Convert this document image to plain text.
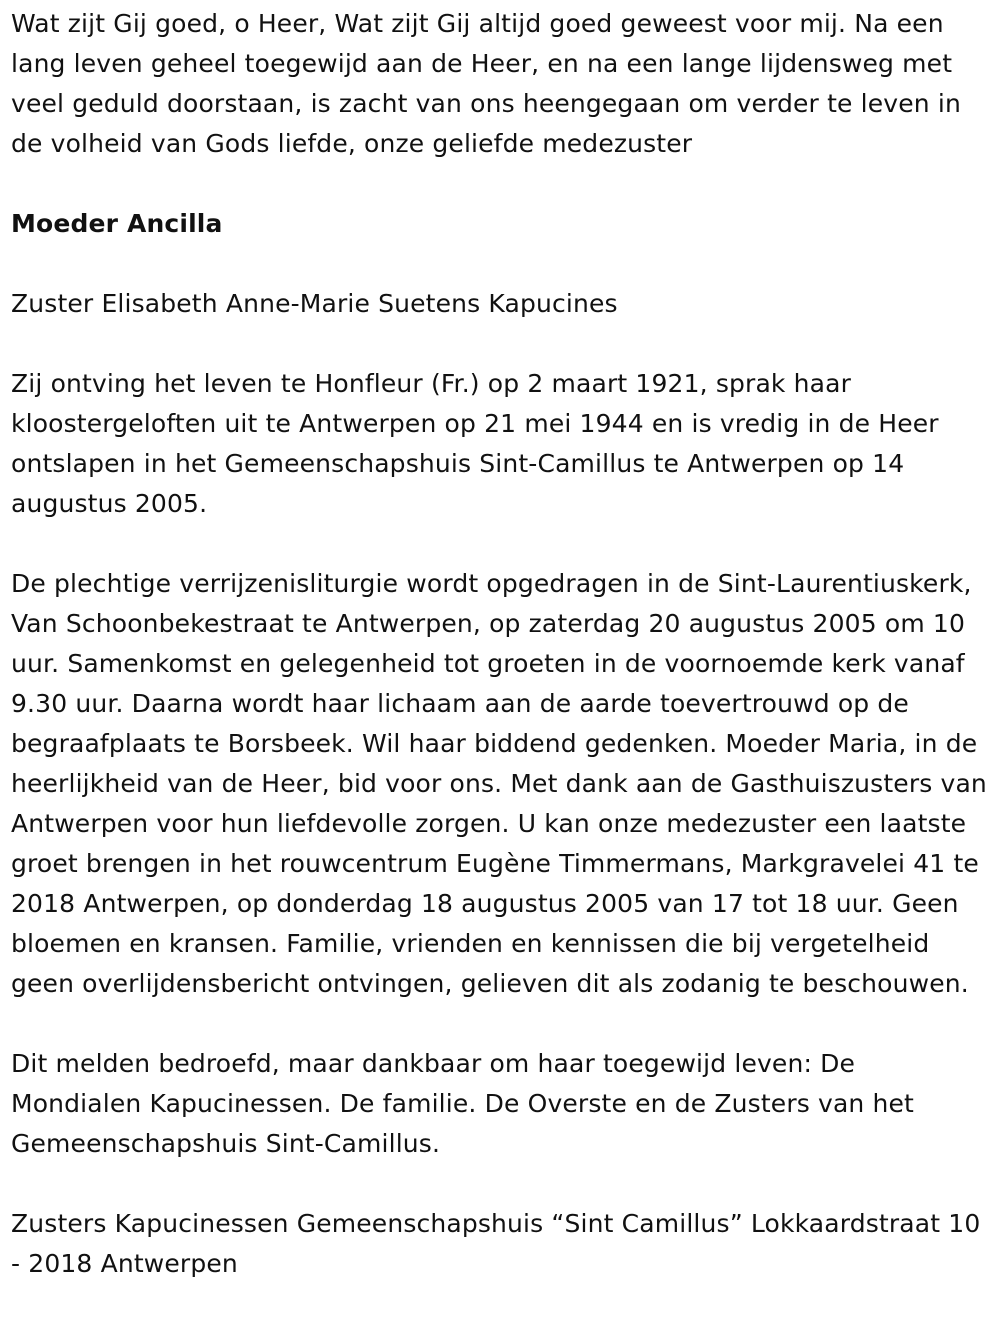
Wat zijt Gij goed, o Heer, Wat zijt Gij altijd goed geweest voor mij. Na een lang leven geheel toegewijd aan de Heer, en na een lange lijdensweg met veel geduld doorstaan, is zacht van ons heengegaan om verder te leven in de volheid van Gods liefde, onze geliefde medezuster

Moeder Ancilla

Zuster Elisabeth Anne-Marie Suetens Kapucines

Zij ontving het leven te Honfleur (Fr.) op 2 maart 1921, sprak haar kloostergeloften uit te Antwerpen op 21 mei 1944 en is vredig in de Heer ontslapen in het Gemeenschapshuis Sint-Camillus te Antwerpen op 14 augustus 2005.

De plechtige verrijzenisliturgie wordt opgedragen in de Sint-Laurentiuskerk, Van Schoonbekestraat te Antwerpen, op zaterdag 20 augustus 2005 om 10 uur. Samenkomst en gelegenheid tot groeten in de voornoemde kerk vanaf 9.30 uur. Daarna wordt haar lichaam aan de aarde toevertrouwd op de begraafplaats te Borsbeek. Wil haar biddend gedenken. Moeder Maria, in de heerlijkheid van de Heer, bid voor ons. Met dank aan de Gasthuiszusters van Antwerpen voor hun liefdevolle zorgen. U kan onze medezuster een laatste groet brengen in het rouwcentrum Eugène Timmermans, Markgravelei 41 te 2018 Antwerpen, op donderdag 18 augustus 2005 van 17 tot 18 uur. Geen bloemen en kransen. Familie, vrienden en kennissen die bij vergetelheid geen overlijdensbericht ontvingen, gelieven dit als zodanig te beschouwen.

Dit melden bedroefd, maar dankbaar om haar toegewijd leven: De Mondialen Kapucinessen. De familie. De Overste en de Zusters van het Gemeenschapshuis Sint-Camillus.

Zusters Kapucinessen Gemeenschapshuis “Sint Camillus” Lokkaardstraat 10 - 2018 Antwerpen
